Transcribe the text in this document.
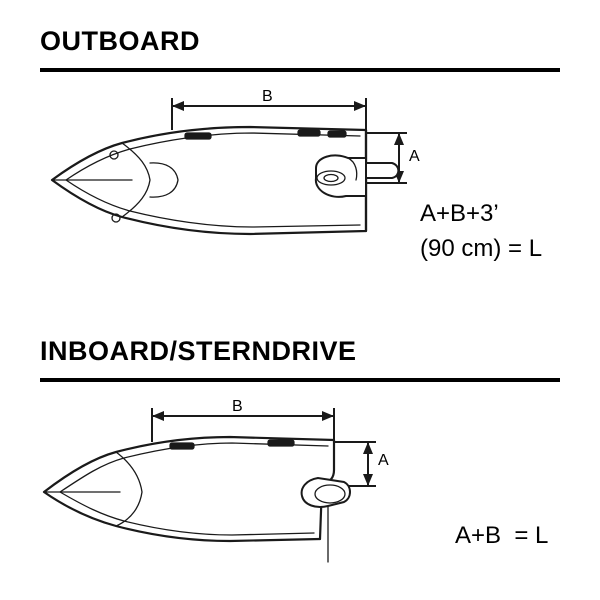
OUTBOARD
B
A
A+B+3’
(90 cm) = L
INBOARD/STERNDRIVE
B
A
A+B  = L
